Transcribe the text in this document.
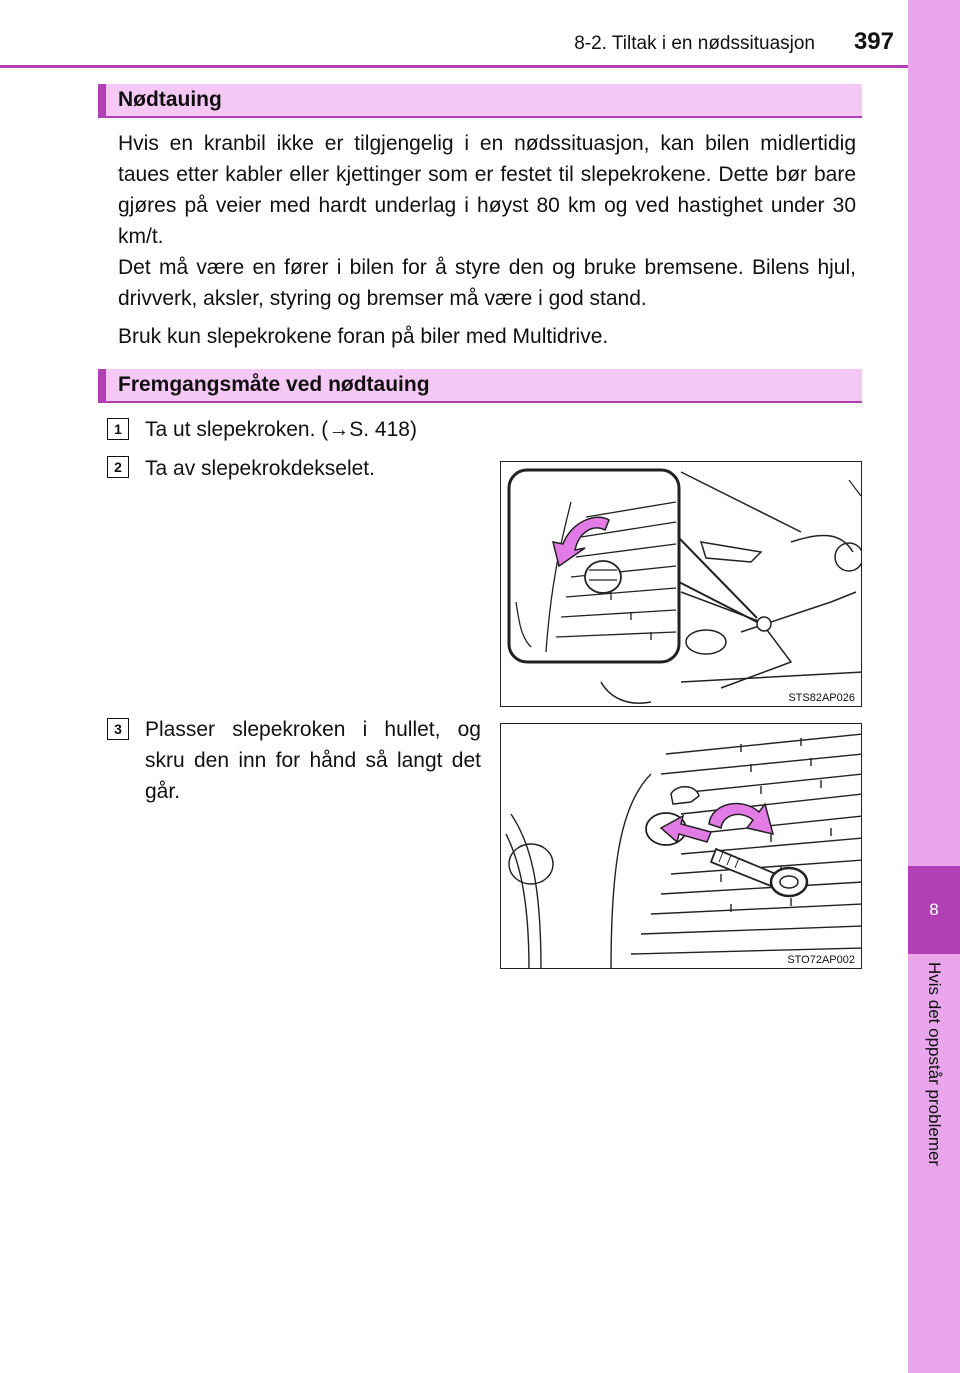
8
Hvis det oppstår problemer
8-2. Tiltak i en nødssituasjon 397
Nødtauing

Hvis en kranbil ikke er tilgjengelig i en nødssituasjon, kan bilen midlertidig taues etter kabler eller kjettinger som er festet til slepekrokene. Dette bør bare gjøres på veier med hardt underlag i høyst 80 km og ved hastighet under 30 km/t.

Det må være en fører i bilen for å styre den og bruke bremsene. Bilens hjul, drivverk, aksler, styring og bremser må være i god stand.

Bruk kun slepekrokene foran på biler med Multidrive.

Fremgangsmåte ved nødtauing
1	Ta ut slepekroken. (→S. 418)

2	Ta av slepekrokdekselet.

3	Plasser slepekroken i hullet, og skru den inn for hånd så langt det går.

STS82AP026
STO72AP002
